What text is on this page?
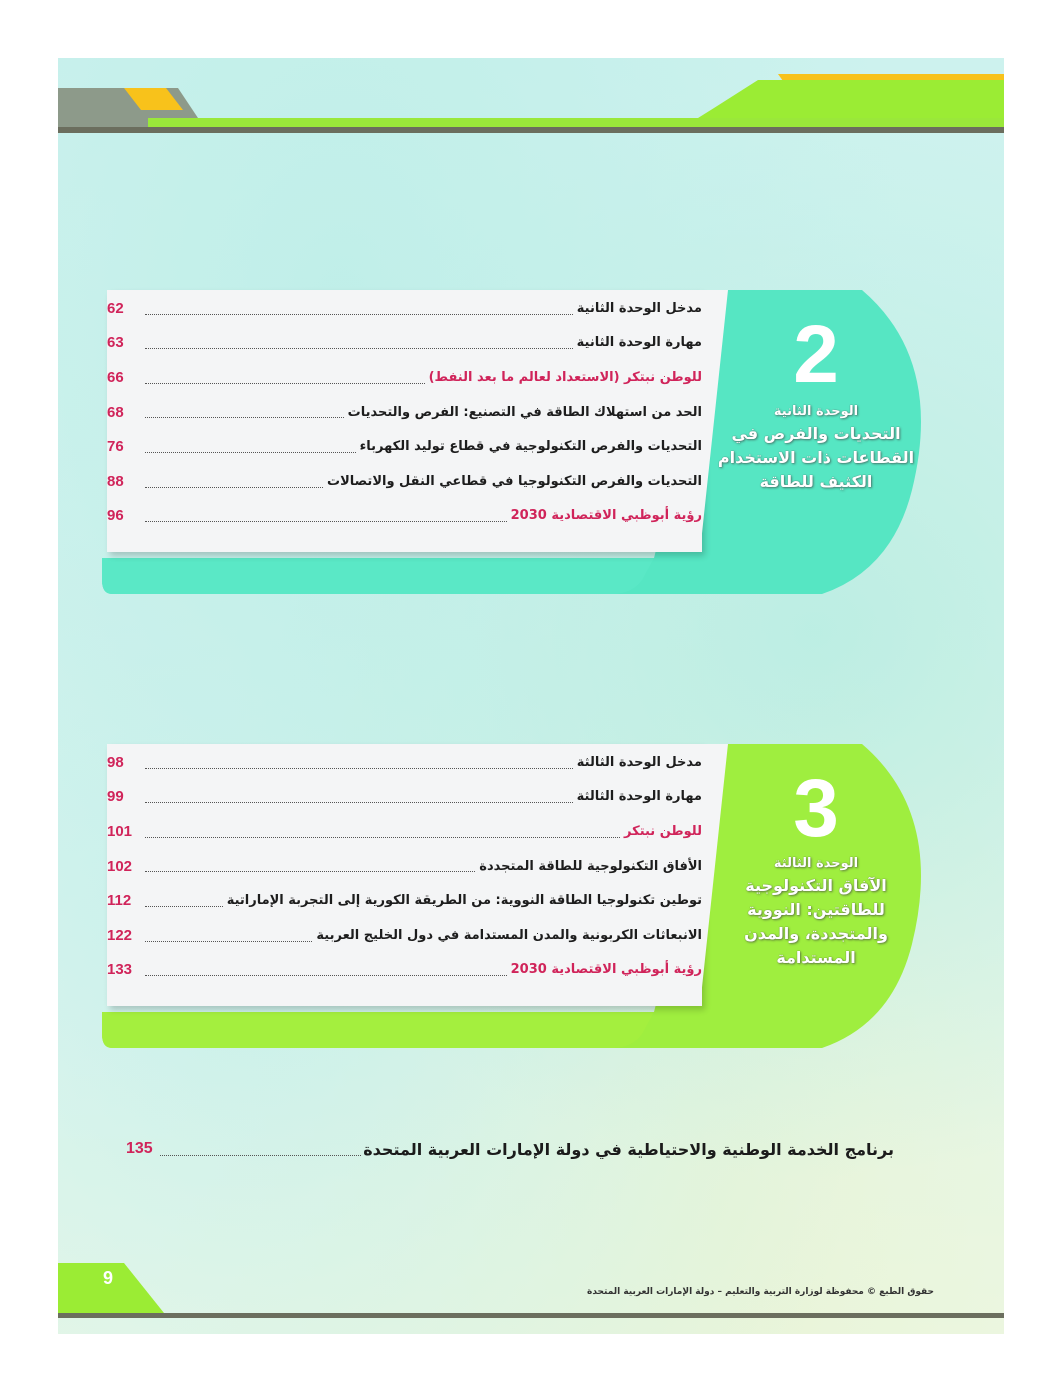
مدخل الوحدة الثانية
62
مهارة الوحدة الثانية
63
للوطن نبتكر (الاستعداد لعالم ما بعد النفط)
66
الحد من استهلاك الطاقة في التصنيع: الفرص والتحديات
68
التحديات والفرص التكنولوجية في قطاع توليد الكهرباء
76
التحديات والفرص التكنولوجيا في قطاعي النقل والاتصالات
88
رؤية أبوظبي الاقتصادية 2030
96
2
الوحدة الثانية
التحديات والفرص في
القطاعات ذات الاستخدام
الكثيف للطاقة
مدخل الوحدة الثالثة
98
مهارة الوحدة الثالثة
99
للوطن نبتكر
101
الأفاق التكنولوجية للطاقة المتجددة
102
توطين تكنولوجيا الطاقة النووية: من الطريقة الكورية إلى التجربة الإماراتية
112
الانبعاثات الكربونية والمدن المستدامة في دول الخليج العربية
122
رؤية أبوظبي الاقتصادية 2030
133
3
الوحدة الثالثة
الآفاق التكنولوجية
للطاقتين: النووية
والمتجددة، والمدن
المستدامة
برنامج الخدمة الوطنية والاحتياطية في دولة الإمارات العربية المتحدة
135
9
حقوق الطبع © محفوظة لوزارة التربية والتعليم – دولة الإمارات العربية المتحدة
